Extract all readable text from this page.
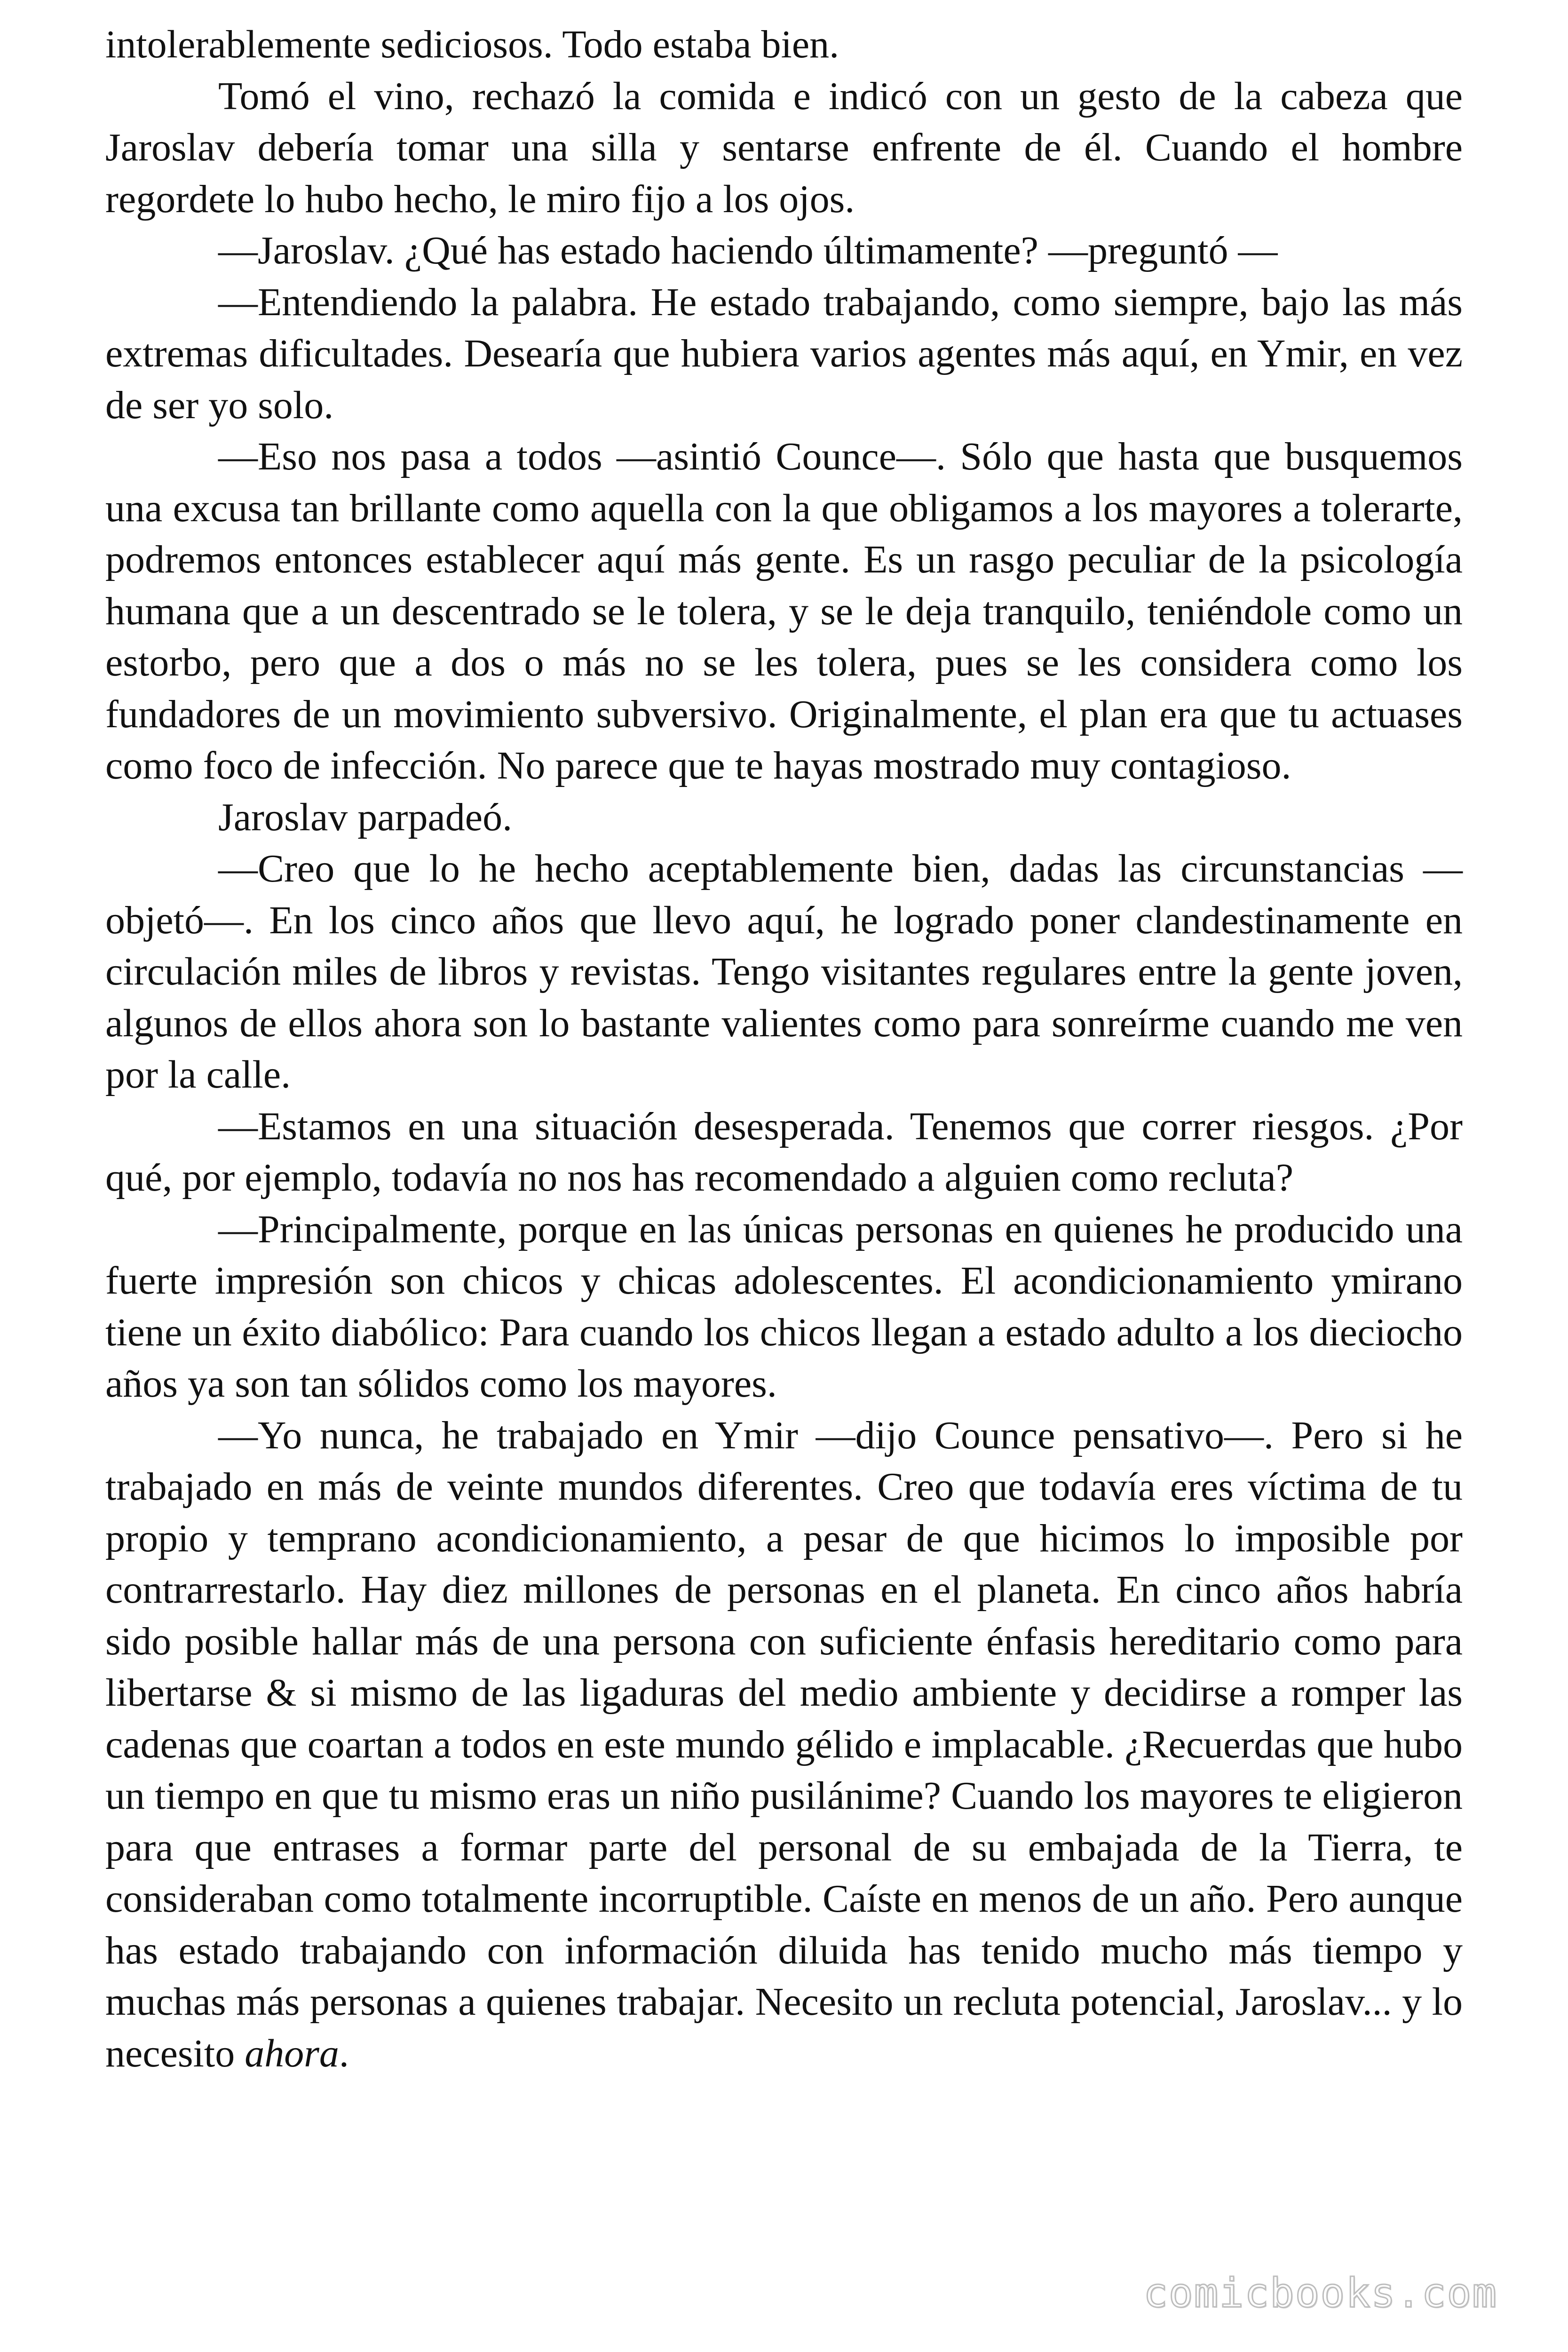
intolerablemente sediciosos. Todo estaba bien.

Tomó el vino, rechazó la comida e indicó con un gesto de la cabeza que Jaroslav debería tomar una silla y sentarse enfrente de él. Cuando el hombre regordete lo hubo hecho, le miro fijo a los ojos.

—Jaroslav. ¿Qué has estado haciendo últimamente? —preguntó —

—Entendiendo la palabra. He estado trabajando, como siempre, bajo las más extremas dificultades. Desearía que hubiera varios agentes más aquí, en Ymir, en vez de ser yo solo.

—Eso nos pasa a todos —asintió Counce—. Sólo que hasta que busquemos una excusa tan brillante como aquella con la que obligamos a los mayores a tolerarte, podremos entonces establecer aquí más gente. Es un rasgo peculiar de la psicología humana que a un descentrado se le tolera, y se le deja tranquilo, teniéndole como un estorbo, pero que a dos o más no se les tolera, pues se les considera como los fundadores de un movimiento subversivo. Originalmente, el plan era que tu actuases como foco de infección. No parece que te hayas mostrado muy contagioso.

Jaroslav parpadeó.

—Creo que lo he hecho aceptablemente bien, dadas las circunstancias —objetó—. En los cinco años que llevo aquí, he logrado poner clandestinamente en circulación miles de libros y revistas. Tengo visitantes regulares entre la gente joven, algunos de ellos ahora son lo bastante valientes como para sonreírme cuando me ven por la calle.

—Estamos en una situación desesperada. Tenemos que correr riesgos. ¿Por qué, por ejemplo, todavía no nos has recomendado a alguien como recluta?

—Principalmente, porque en las únicas personas en quienes he producido una fuerte impresión son chicos y chicas adolescentes. El acondicionamiento ymirano tiene un éxito diabólico: Para cuando los chicos llegan a estado adulto a los dieciocho años ya son tan sólidos como los mayores.

—Yo nunca, he trabajado en Ymir —dijo Counce pensativo—. Pero si he trabajado en más de veinte mundos diferentes. Creo que todavía eres víctima de tu propio y temprano acondicionamiento, a pesar de que hicimos lo imposible por contrarrestarlo. Hay diez millones de personas en el planeta. En cinco años habría sido posible hallar más de una persona con suficiente énfasis hereditario como para libertarse & si mismo de las ligaduras del medio ambiente y decidirse a romper las cadenas que coartan a todos en este mundo gélido e implacable. ¿Recuerdas que hubo un tiempo en que tu mismo eras un niño pusilánime? Cuando los mayores te eligieron para que entrases a formar parte del personal de su embajada de la Tierra, te consideraban como totalmente incorruptible. Caíste en menos de un año. Pero aunque has estado trabajando con información diluida has tenido mucho más tiempo y muchas más personas a quienes trabajar. Necesito un recluta potencial, Jaroslav... y lo necesito ahora.

comicbooks.com
